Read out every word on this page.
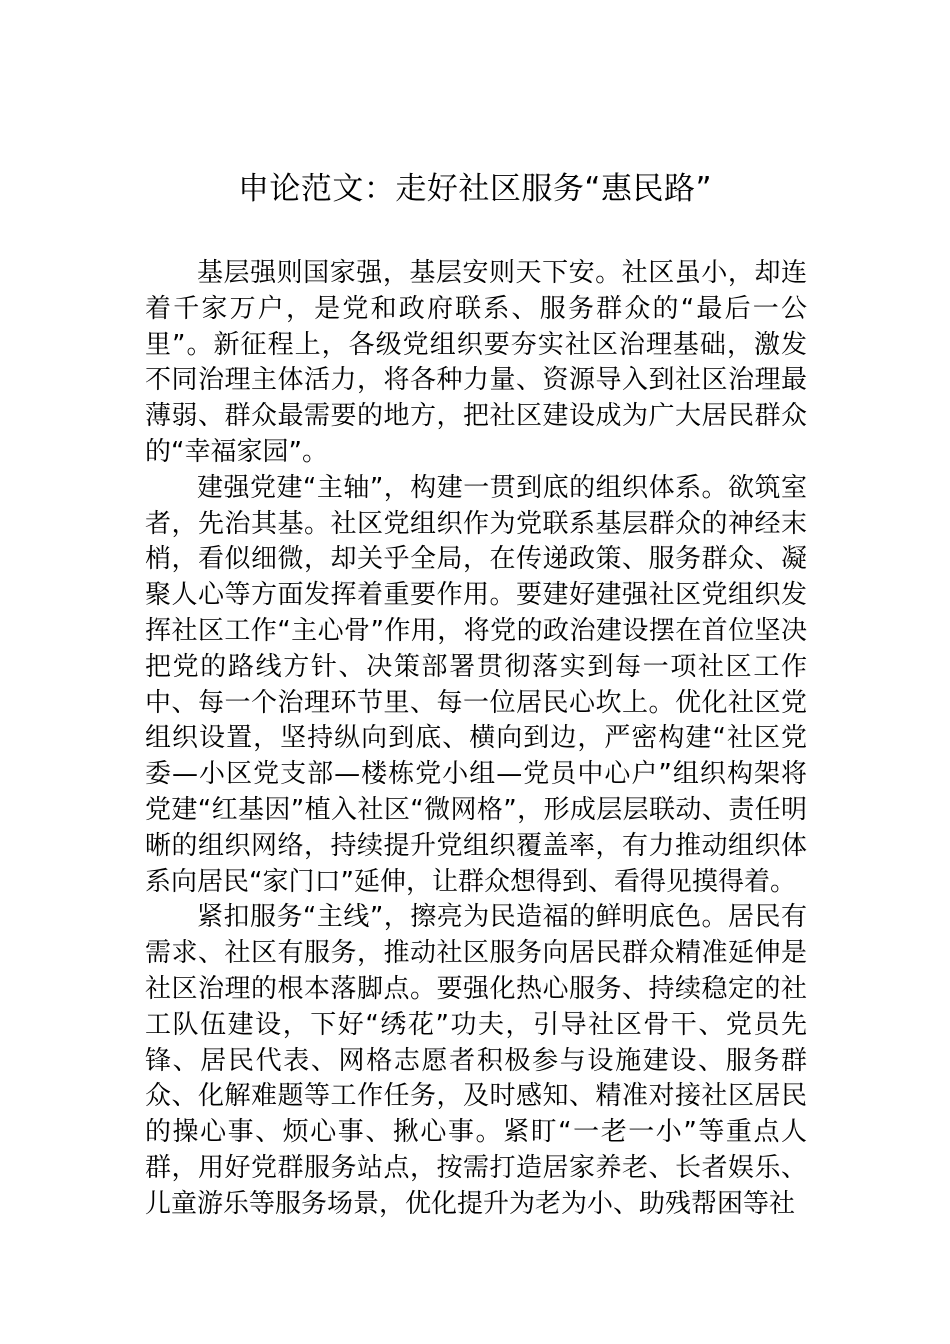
申论范文：走好社区服务“惠民路”

基层强则国家强，基层安则天下安。社区虽小，却连着千家万户，是党和政府联系、服务群众的“最后一公里”。新征程上，各级党组织要夯实社区治理基础，激发不同治理主体活力，将各种力量、资源导入到社区治理最薄弱、群众最需要的地方，把社区建设成为广大居民群众的“幸福家园”。

建强党建“主轴”，构建一贯到底的组织体系。欲筑室者，先治其基。社区党组织作为党联系基层群众的神经末梢，看似细微，却关乎全局，在传递政策、服务群众、凝聚人心等方面发挥着重要作用。要建好建强社区党组织发挥社区工作“主心骨”作用，将党的政治建设摆在首位坚决把党的路线方针、决策部署贯彻落实到每一项社区工作中、每一个治理环节里、每一位居民心坎上。优化社区党组织设置，坚持纵向到底、横向到边，严密构建“社区党委—小区党支部—楼栋党小组—党员中心户”组织构架将党建“红基因”植入社区“微网格”，形成层层联动、责任明晰的组织网络，持续提升党组织覆盖率，有力推动组织体系向居民“家门口”延伸，让群众想得到、看得见摸得着。

紧扣服务“主线”，擦亮为民造福的鲜明底色。居民有需求、社区有服务，推动社区服务向居民群众精准延伸是社区治理的根本落脚点。要强化热心服务、持续稳定的社工队伍建设，下好“绣花”功夫，引导社区骨干、党员先锋、居民代表、网格志愿者积极参与设施建设、服务群众、化解难题等工作任务，及时感知、精准对接社区居民的操心事、烦心事、揪心事。紧盯“一老一小”等重点人群，用好党群服务站点，按需打造居家养老、长者娱乐、儿童游乐等服务场景，优化提升为老为小、助残帮困等社
